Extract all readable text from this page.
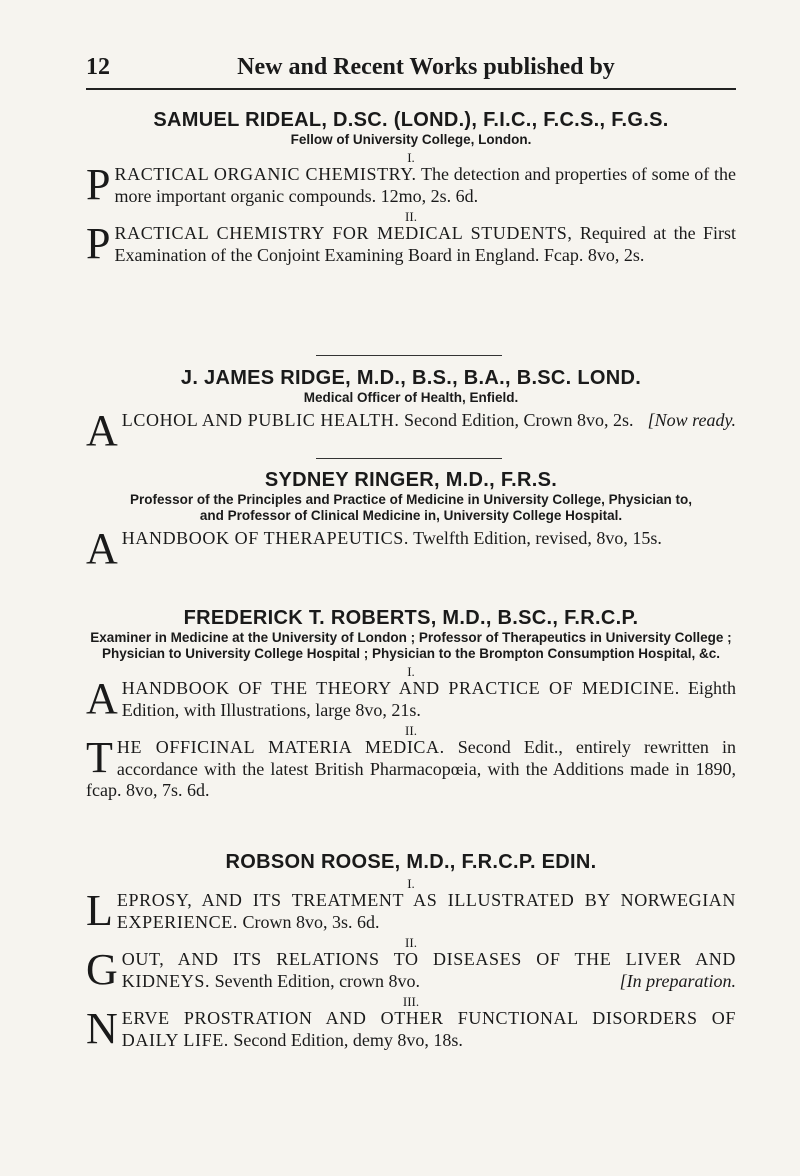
12	New and Recent Works published by
SAMUEL RIDEAL, D.SC. (LOND.), F.I.C., F.C.S., F.G.S.
Fellow of University College, London.
I.
PRACTICAL ORGANIC CHEMISTRY. The detection and properties of some of the more important organic compounds. 12mo, 2s. 6d.
II.
PRACTICAL CHEMISTRY FOR MEDICAL STUDENTS, Required at the First Examination of the Conjoint Examining Board in England. Fcap. 8vo, 2s.
J. JAMES RIDGE, M.D., B.S., B.A., B.SC. LOND.
Medical Officer of Health, Enfield.
ALCOHOL AND PUBLIC HEALTH. Second Edition, Crown 8vo, 2s. [Now ready.
SYDNEY RINGER, M.D., F.R.S.
Professor of the Principles and Practice of Medicine in University College, Physician to, and Professor of Clinical Medicine in, University College Hospital.
A HANDBOOK OF THERAPEUTICS. Twelfth Edition, revised, 8vo, 15s.
FREDERICK T. ROBERTS, M.D., B.SC., F.R.C.P.
Examiner in Medicine at the University of London ; Professor of Therapeutics in University College ; Physician to University College Hospital ; Physician to the Brompton Consumption Hospital, &c.
I.
A HANDBOOK OF THE THEORY AND PRACTICE OF MEDICINE. Eighth Edition, with Illustrations, large 8vo, 21s.
II.
THE OFFICINAL MATERIA MEDICA. Second Edit., entirely rewritten in accordance with the latest British Pharmacopœia, with the Additions made in 1890, fcap. 8vo, 7s. 6d.
ROBSON ROOSE, M.D., F.R.C.P. EDIN.
I.
LEPROSY, AND ITS TREATMENT AS ILLUSTRATED BY NORWEGIAN EXPERIENCE. Crown 8vo, 3s. 6d.
II.
GOUT, AND ITS RELATIONS TO DISEASES OF THE LIVER AND KIDNEYS. Seventh Edition, crown 8vo.	[In preparation.
III.
NERVE PROSTRATION AND OTHER FUNCTIONAL DISORDERS OF DAILY LIFE. Second Edition, demy 8vo, 18s.
